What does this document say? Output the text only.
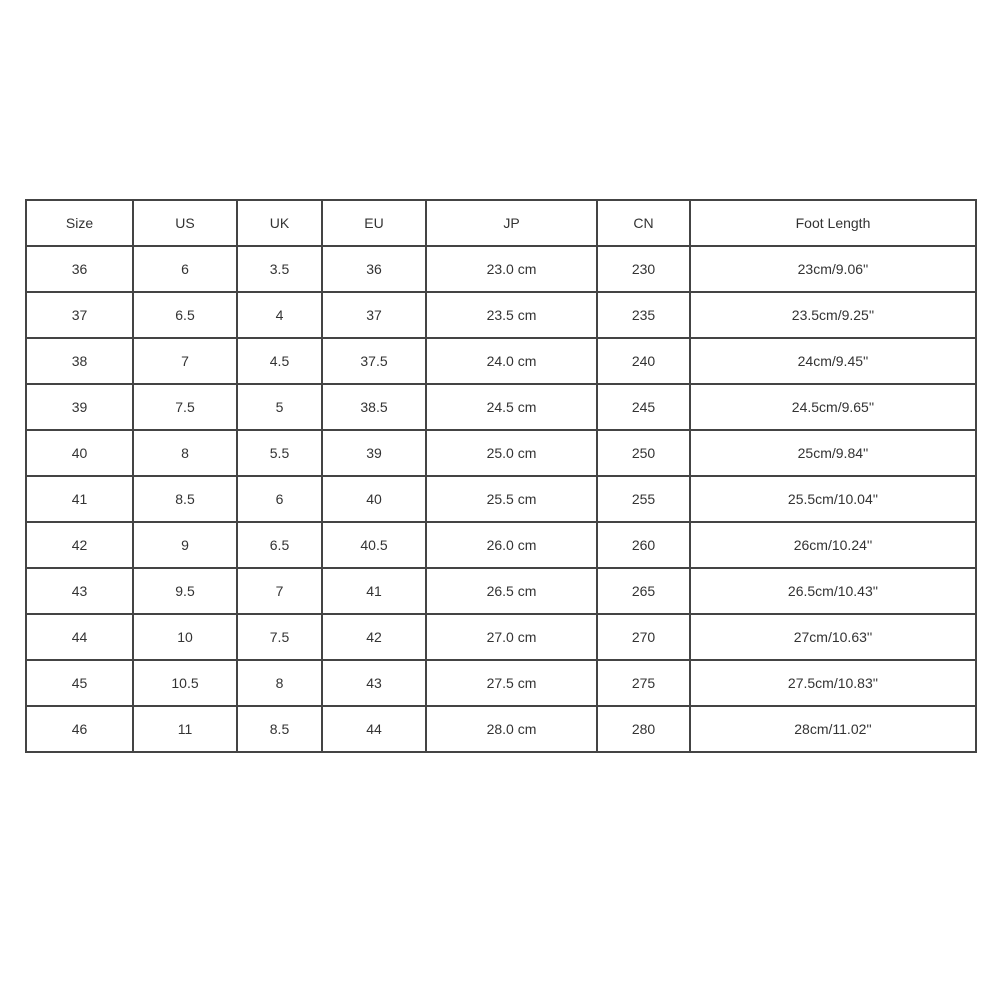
Size	US	UK	EU	JP	CN	Foot Length
36	6	3.5	36	23.0 cm	230	23cm/9.06''
37	6.5	4	37	23.5 cm	235	23.5cm/9.25''
38	7	4.5	37.5	24.0 cm	240	24cm/9.45''
39	7.5	5	38.5	24.5 cm	245	24.5cm/9.65''
40	8	5.5	39	25.0 cm	250	25cm/9.84''
41	8.5	6	40	25.5 cm	255	25.5cm/10.04''
42	9	6.5	40.5	26.0 cm	260	26cm/10.24''
43	9.5	7	41	26.5 cm	265	26.5cm/10.43''
44	10	7.5	42	27.0 cm	270	27cm/10.63''
45	10.5	8	43	27.5 cm	275	27.5cm/10.83''
46	11	8.5	44	28.0 cm	280	28cm/11.02''
